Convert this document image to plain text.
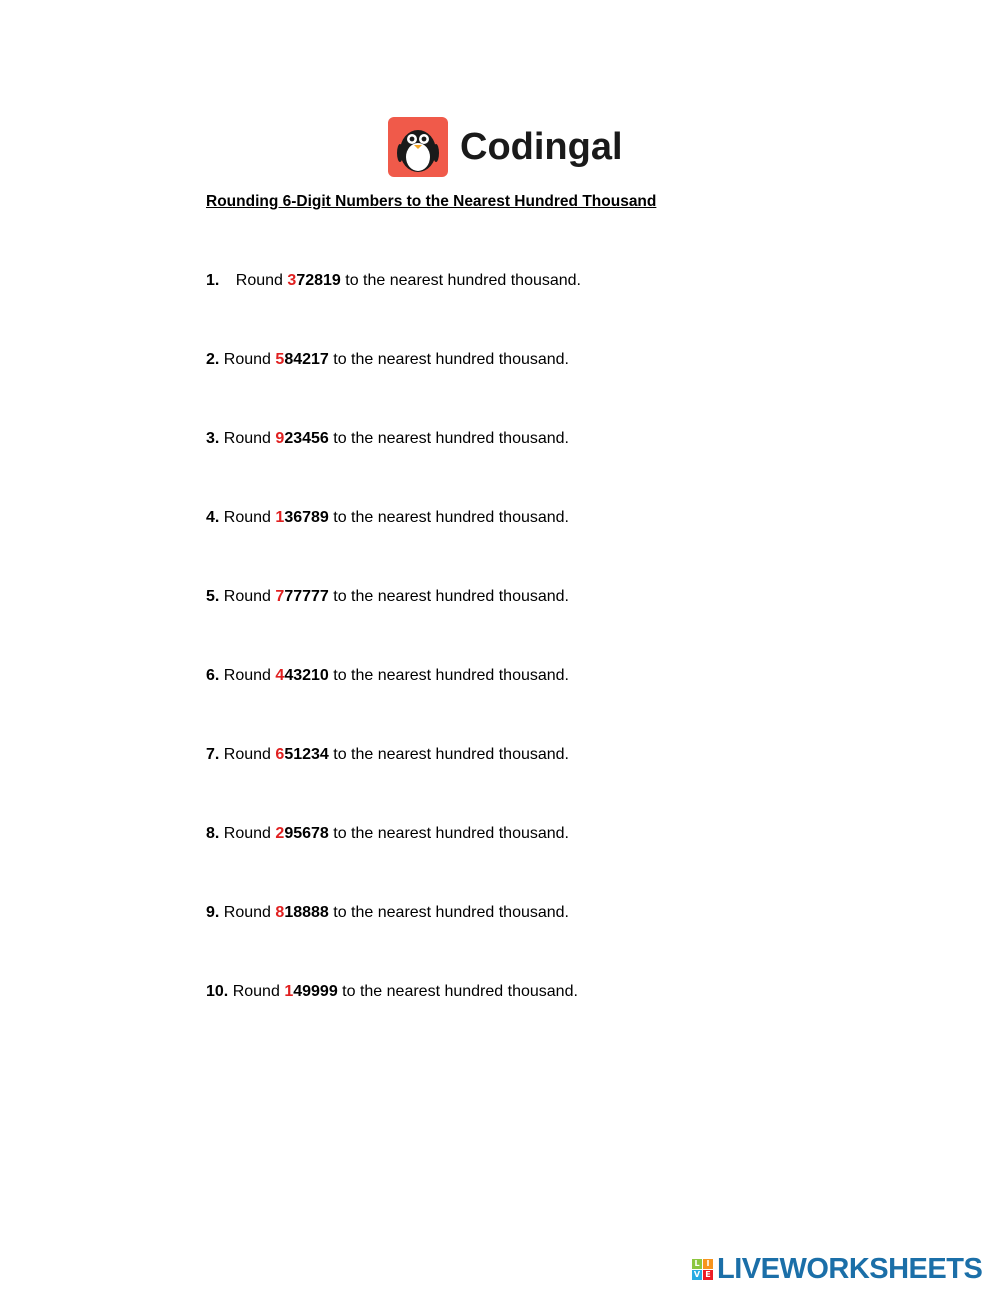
Codingal
Rounding 6-Digit Numbers to the Nearest Hundred Thousand
1. Round 372819 to the nearest hundred thousand.
2. Round 584217 to the nearest hundred thousand.
3. Round 923456 to the nearest hundred thousand.
4. Round 136789 to the nearest hundred thousand.
5. Round 777777 to the nearest hundred thousand.
6. Round 443210 to the nearest hundred thousand.
7. Round 651234 to the nearest hundred thousand.
8. Round 295678 to the nearest hundred thousand.
9. Round 818888 to the nearest hundred thousand.
10. Round 149999 to the nearest hundred thousand.
L I
V E LIVEWORKSHEETS
